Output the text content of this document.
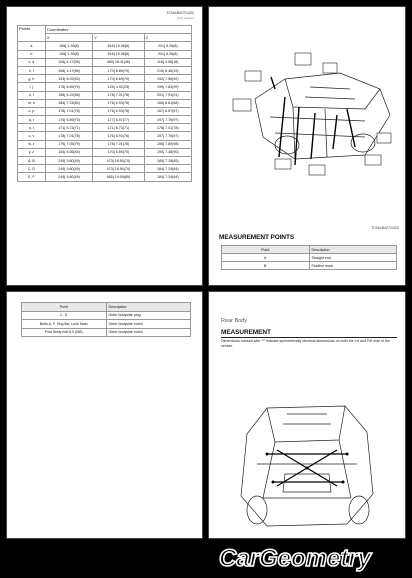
TCN/LB427/1422
(sub section)
Points	Coordinates		
	X	Y	Z
a	156{ 1.35(8)	616{ 15.06(8)	201{ 5.26(8)
b	156{ 1.35(8)	616{ 15.06(8)	201{ 5.26(8)
c, d	106{ 4.17(56)	460{ 18.11(46)	116{ 4.58(16)
e, f	106{ 4.17(56)	170{ 6.69(70)	215{ 8.46(15)
g, h	153{ 6.02(53)	170{ 6.69(70)	192{ 7.56(92)
i, j	175{ 6.89(75)	125{ 4.92(25)	199{ 7.83(99)
k, l	158{ 6.22(58)	178{ 7.01(78)	201{ 7.91(01)
m, n	184{ 7.24(84)	176{ 6.93(76)	168{ 6.61(68)
o, p	178{ 7.01(78)	176{ 6.93(76)	167{ 6.57(67)
q, r	175{ 6.89(75)	177{ 6.97(77)	197{ 7.76(97)
s, t	171{ 6.73(71)	171{ 6.73(71)	178{ 7.01(78)
u, v	178{ 7.01(78)	176{ 6.93(76)	197{ 7.76(97)
w, x	179{ 7.05(79)	178{ 7.01(78)	198{ 7.80(98)
y, z	154{ 6.06(54)	170{ 6.69(70)	190{ 7.48(90)
A, B	249{ 9.80(49)	470{ 18.50(70)	185{ 7.28(85)
C, D	249{ 9.80(49)	470{ 18.50(70)	184{ 7.24(84)
E, F	249{ 9.80(49)	485{ 19.09(85)	184{ 7.24(84)
TCN/LB427/1422
MEASUREMENT POINTS
Point	Description
A	Straight end
B	Positive mark
Point	Description
C, D	Outer bodyside plug
Bolts A, F, Hog flat, Lock Main	Outer bodyside notch
Post Body bolt 5.0 (M8)	Outer bodyside notch
Rear Body
MEASUREMENT
Dimensions marked with "*" indicate symmetrically identical dimensions on both the LH and RH side of the vehicle.
CarGeometry
